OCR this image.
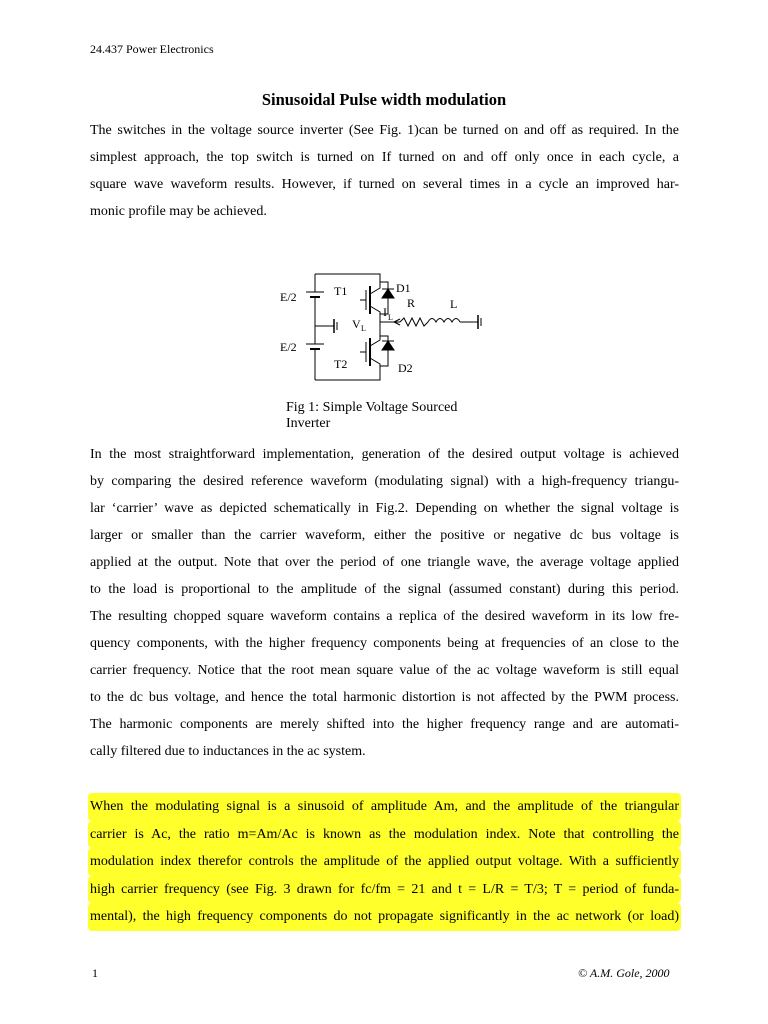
24.437 Power Electronics
Sinusoidal Pulse width modulation

The switches in the voltage source inverter (See Fig. 1)can be turned on and off as required. In the

simplest approach, the top switch is turned on If turned on and off only once in each cycle, a

square wave waveform results. However, if turned on several times in a cycle an improved har-

monic profile may be achieved.

T1	D1
E/2
E/2
T2	D2
R	L
I L
V L
Fig 1: Simple Voltage Sourced
Inverter

In the most straightforward implementation, generation of the desired output voltage is achieved

by comparing the desired reference waveform (modulating signal) with a high-frequency triangu-

lar ‘carrier’ wave as depicted schematically in Fig.2. Depending on whether the signal voltage is

larger or smaller than the carrier waveform, either the positive or negative dc bus voltage is

applied at the output. Note that over the period of one triangle wave, the average voltage applied

to the load is proportional to the amplitude of the signal (assumed constant) during this period.

The resulting chopped square waveform contains a replica of the desired waveform in its low fre-

quency components, with the higher frequency components being at frequencies of an close to the

carrier frequency. Notice that the root mean square value of the ac voltage waveform is still equal

to the dc bus voltage, and hence the total harmonic distortion is not affected by the PWM process.

The harmonic components are merely shifted into the higher frequency range and are automati-

cally filtered due to inductances in the ac system.

When the modulating signal is a sinusoid of amplitude Am, and the amplitude of the triangular

carrier is Ac, the ratio m=Am/Ac is known as the modulation index. Note that controlling the

modulation index therefor controls the amplitude of the applied output voltage. With a sufficiently

high carrier frequency (see Fig. 3 drawn for fc/fm = 21 and t = L/R = T/3; T = period of funda-

mental), the high frequency components do not propagate significantly in the ac network (or load)

1	© A.M. Gole, 2000
